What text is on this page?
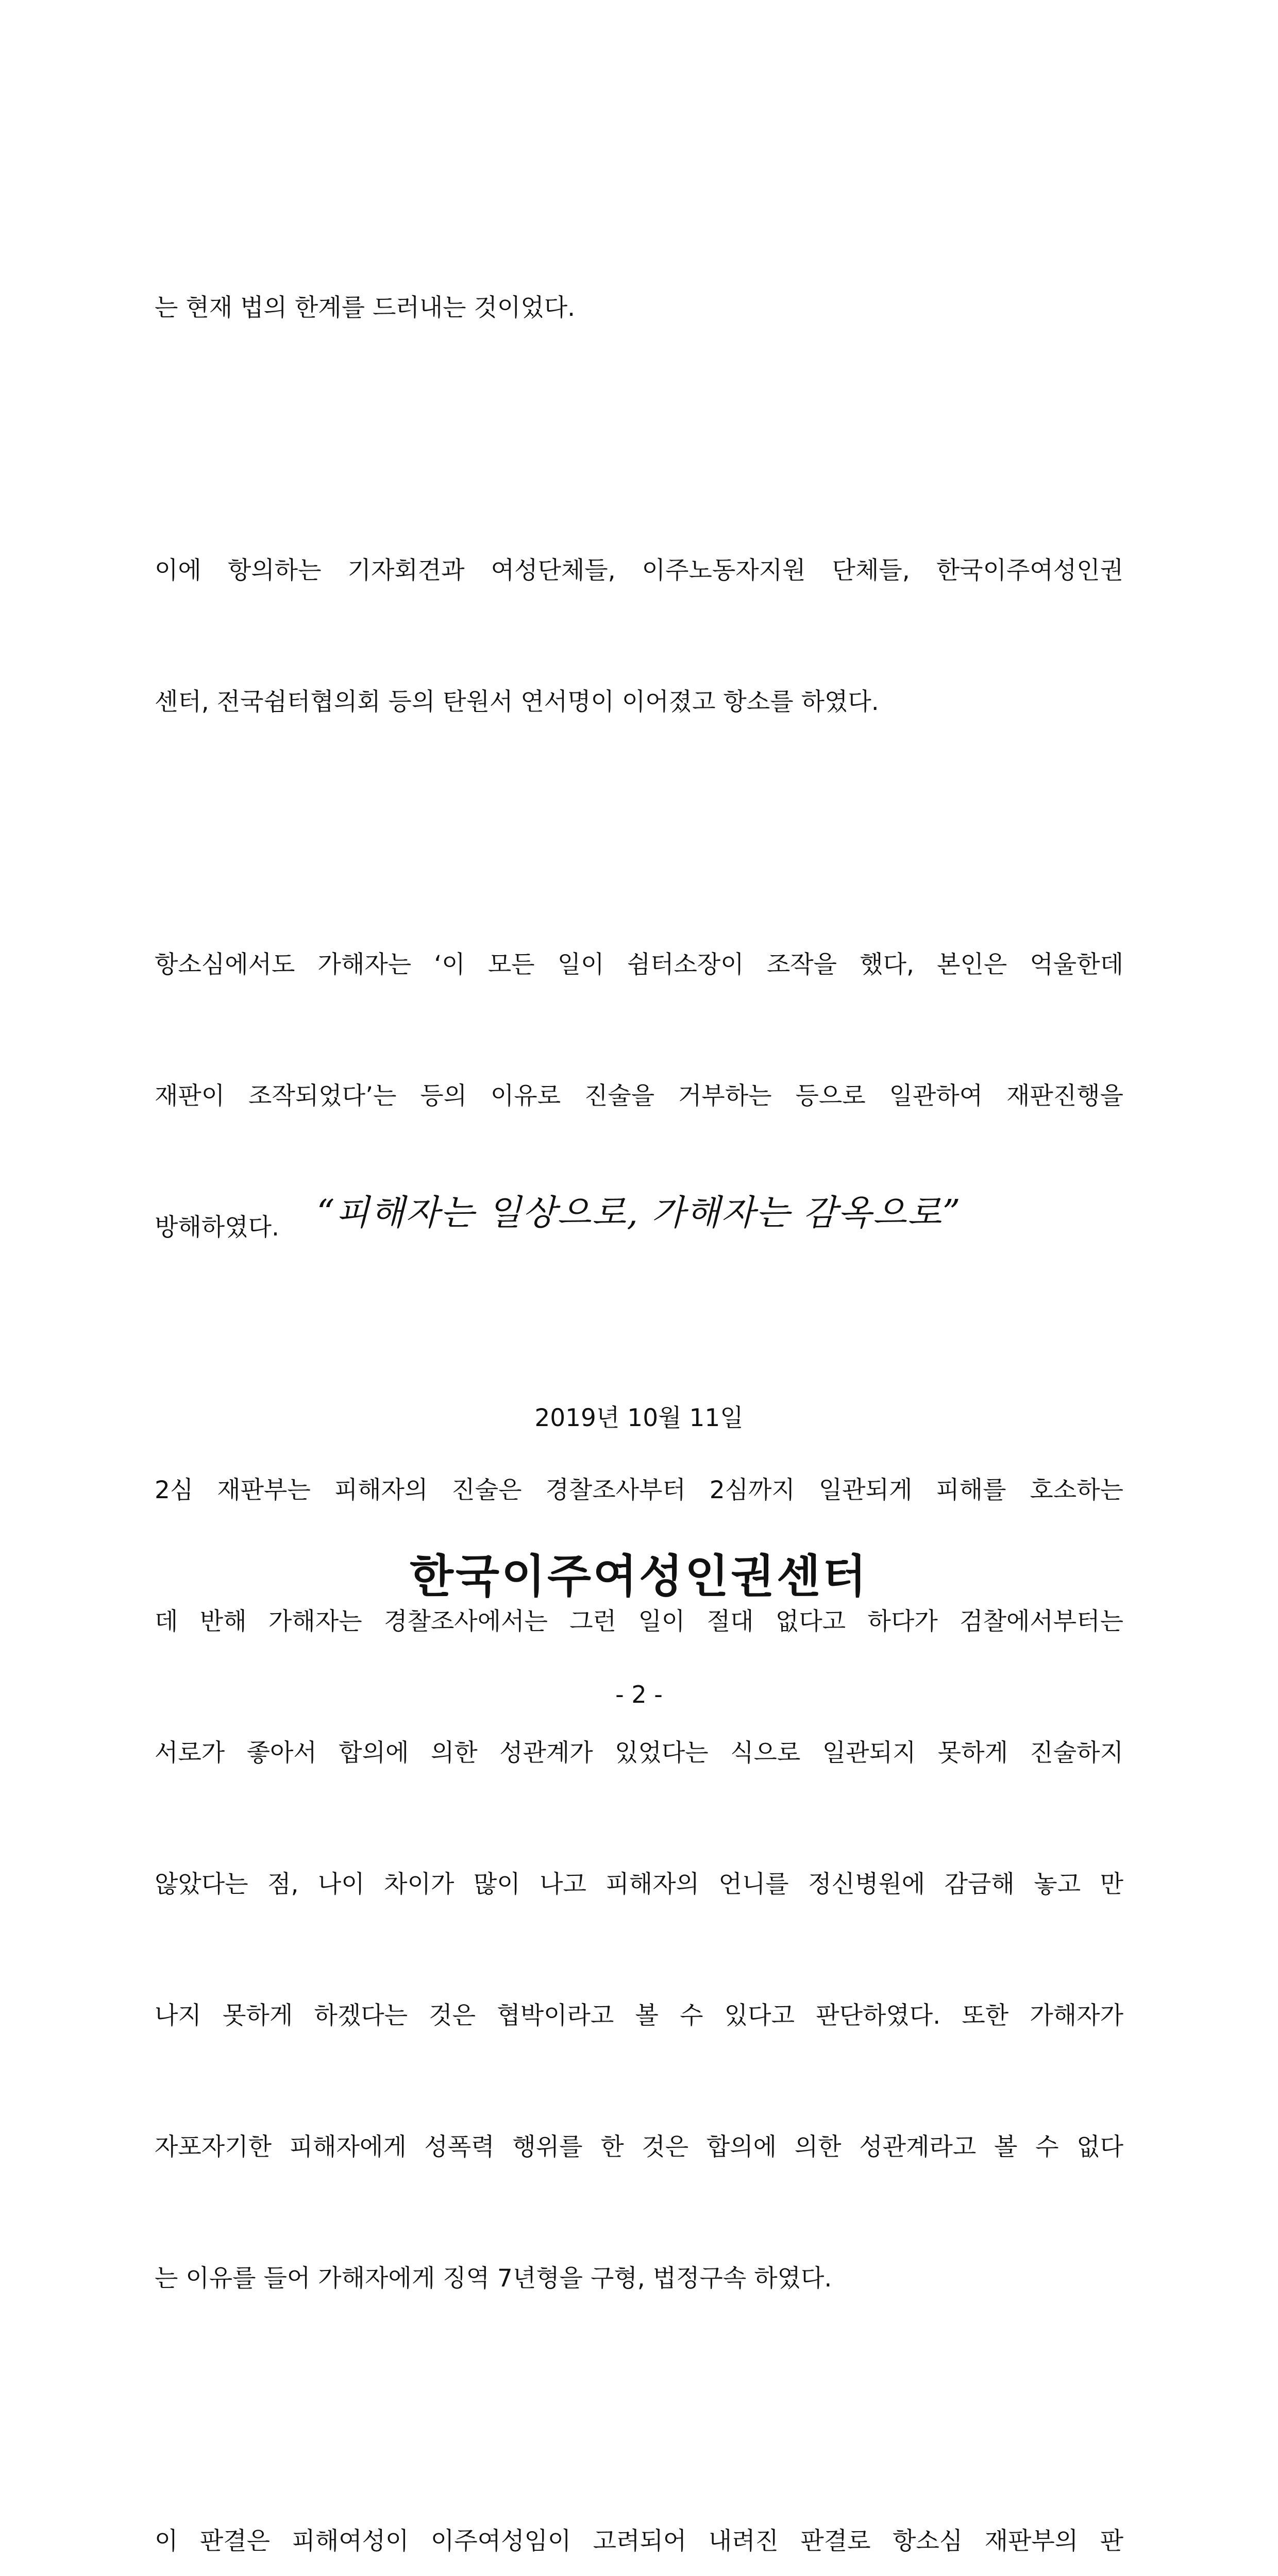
는 현재 법의 한계를 드러내는 것이었다.

이에 항의하는 기자회견과 여성단체들, 이주노동자지원 단체들, 한국이주여성인권

센터, 전국쉼터협의회 등의 탄원서 연서명이 이어졌고 항소를 하였다.

항소심에서도 가해자는 ‘이 모든 일이 쉼터소장이 조작을 했다, 본인은 억울한데

재판이 조작되었다’는 등의 이유로 진술을 거부하는 등으로 일관하여 재판진행을

방해하였다.

2심 재판부는 피해자의 진술은 경찰조사부터 2심까지 일관되게 피해를 호소하는

데 반해 가해자는 경찰조사에서는 그런 일이 절대 없다고 하다가 검찰에서부터는

서로가 좋아서 합의에 의한 성관계가 있었다는 식으로 일관되지 못하게 진술하지

않았다는 점, 나이 차이가 많이 나고 피해자의 언니를 정신병원에 감금해 놓고 만

나지 못하게 하겠다는 것은 협박이라고 볼 수 있다고 판단하였다. 또한 가해자가

자포자기한 피해자에게 성폭력 행위를 한 것은 합의에 의한 성관계라고 볼 수 없다

는 이유를 들어 가해자에게 징역 7년형을 구형, 법정구속 하였다.

이 판결은 피해여성이 이주여성임이 고려되어 내려진 판결로 항소심 재판부의 판

“피해자는 일상으로, 가해자는 감옥으로”
2019년 10월 11일
한국이주여성인권센터
- 2 -
